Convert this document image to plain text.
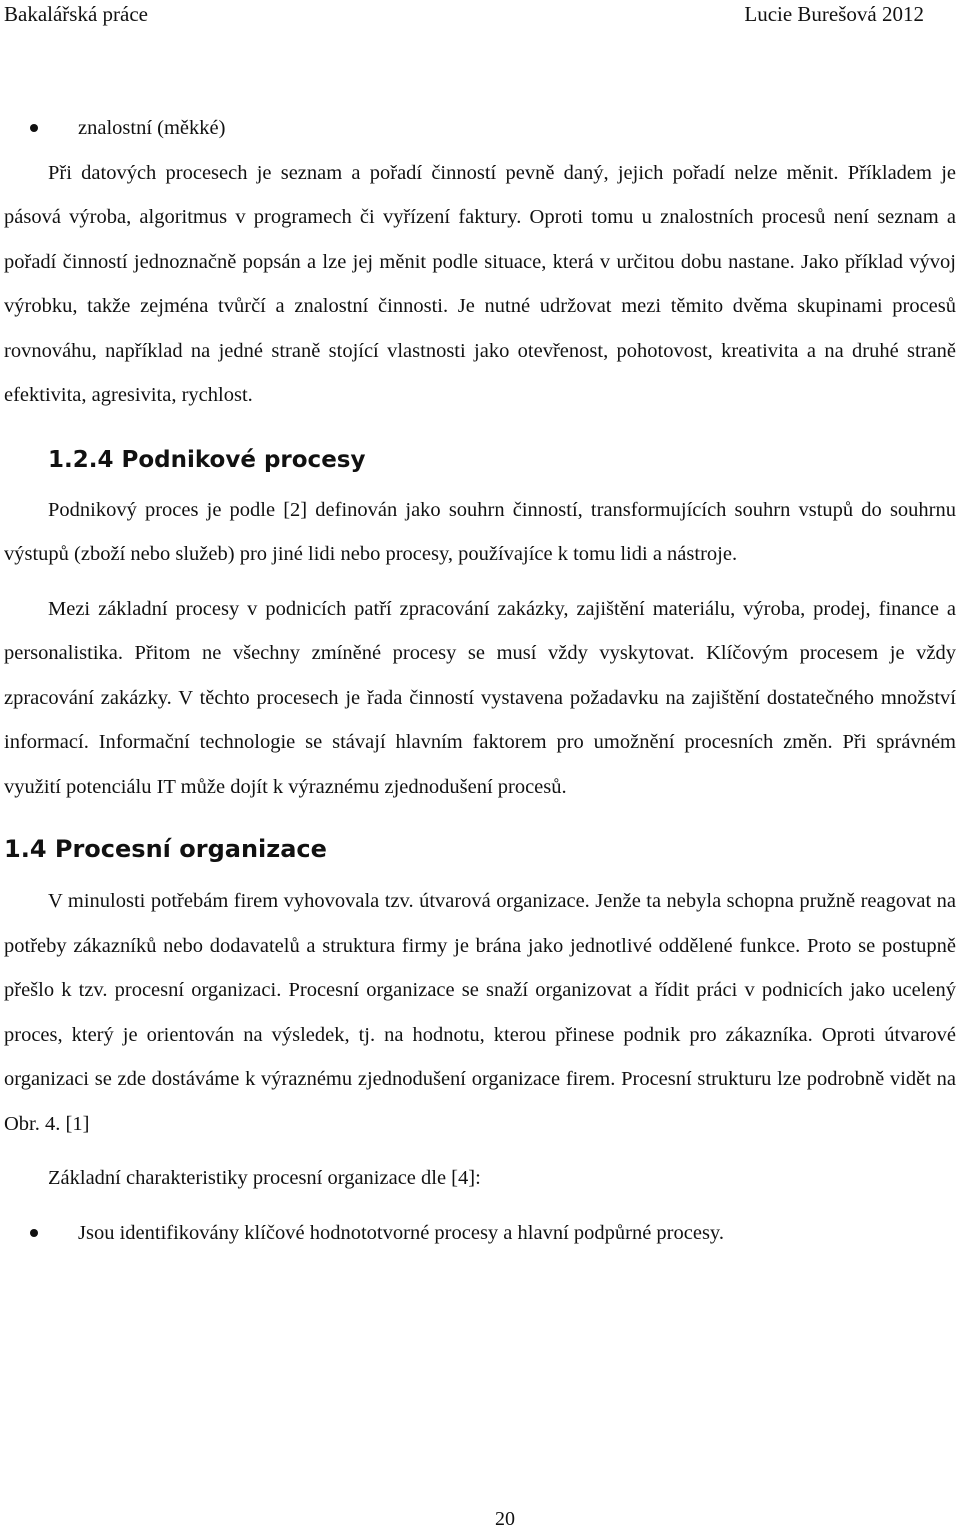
Bakalářská práce	Lucie Burešová 2012
znalostní (měkké)

Při datových procesech je seznam a pořadí činností pevně daný, jejich pořadí nelze měnit. Příkladem je pásová výroba, algoritmus v programech či vyřízení faktury. Oproti tomu u znalostních procesů není seznam a pořadí činností jednoznačně popsán a lze jej měnit podle situace, která v určitou dobu nastane. Jako příklad vývoj výrobku, takže zejména tvůrčí a znalostní činnosti. Je nutné udržovat mezi těmito dvěma skupinami procesů rovnováhu, například na jedné straně stojící vlastnosti jako otevřenost, pohotovost, kreativita a na druhé straně efektivita, agresivita, rychlost.

1.2.4 Podnikové procesy

Podnikový proces je podle [2] definován jako souhrn činností, transformujících souhrn vstupů do souhrnu výstupů (zboží nebo služeb) pro jiné lidi nebo procesy, používajíce k tomu lidi a nástroje.

Mezi základní procesy v podnicích patří zpracování zakázky, zajištění materiálu, výroba, prodej, finance a personalistika. Přitom ne všechny zmíněné procesy se musí vždy vyskytovat. Klíčovým procesem je vždy zpracování zakázky. V těchto procesech je řada činností vystavena požadavku na zajištění dostatečného množství informací. Informační technologie se stávají hlavním faktorem pro umožnění procesních změn. Při správném využití potenciálu IT může dojít k výraznému zjednodušení procesů.

1.4 Procesní organizace

V minulosti potřebám firem vyhovovala tzv. útvarová organizace. Jenže ta nebyla schopna pružně reagovat na potřeby zákazníků nebo dodavatelů a struktura firmy je brána jako jednotlivé oddělené funkce. Proto se postupně přešlo k tzv. procesní organizaci. Procesní organizace se snaží organizovat a řídit práci v podnicích jako ucelený proces, který je orientován na výsledek, tj. na hodnotu, kterou přinese podnik pro zákazníka. Oproti útvarové organizaci se zde dostáváme k výraznému zjednodušení organizace firem. Procesní strukturu lze podrobně vidět na Obr. 4. [1]

Základní charakteristiky procesní organizace dle [4]:

Jsou identifikovány klíčové hodnototvorné procesy a hlavní podpůrné procesy.
20
